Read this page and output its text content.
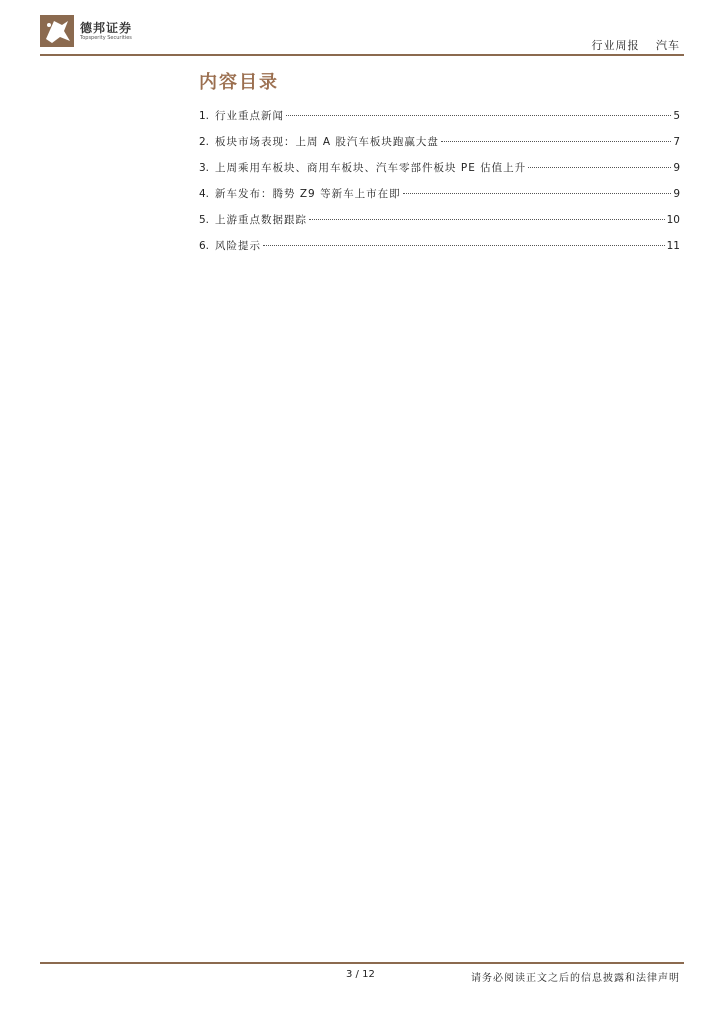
德邦证券
Topsperity Securities
行业周报 汽车
内容目录
1. 行业重点新闻	5
2. 板块市场表现：上周 A 股汽车板块跑赢大盘	7
3. 上周乘用车板块、商用车板块、汽车零部件板块 PE 估值上升	9
4. 新车发布：腾势 Z9 等新车上市在即	9
5. 上游重点数据跟踪	10
6. 风险提示	11
3 / 12	请务必阅读正文之后的信息披露和法律声明
